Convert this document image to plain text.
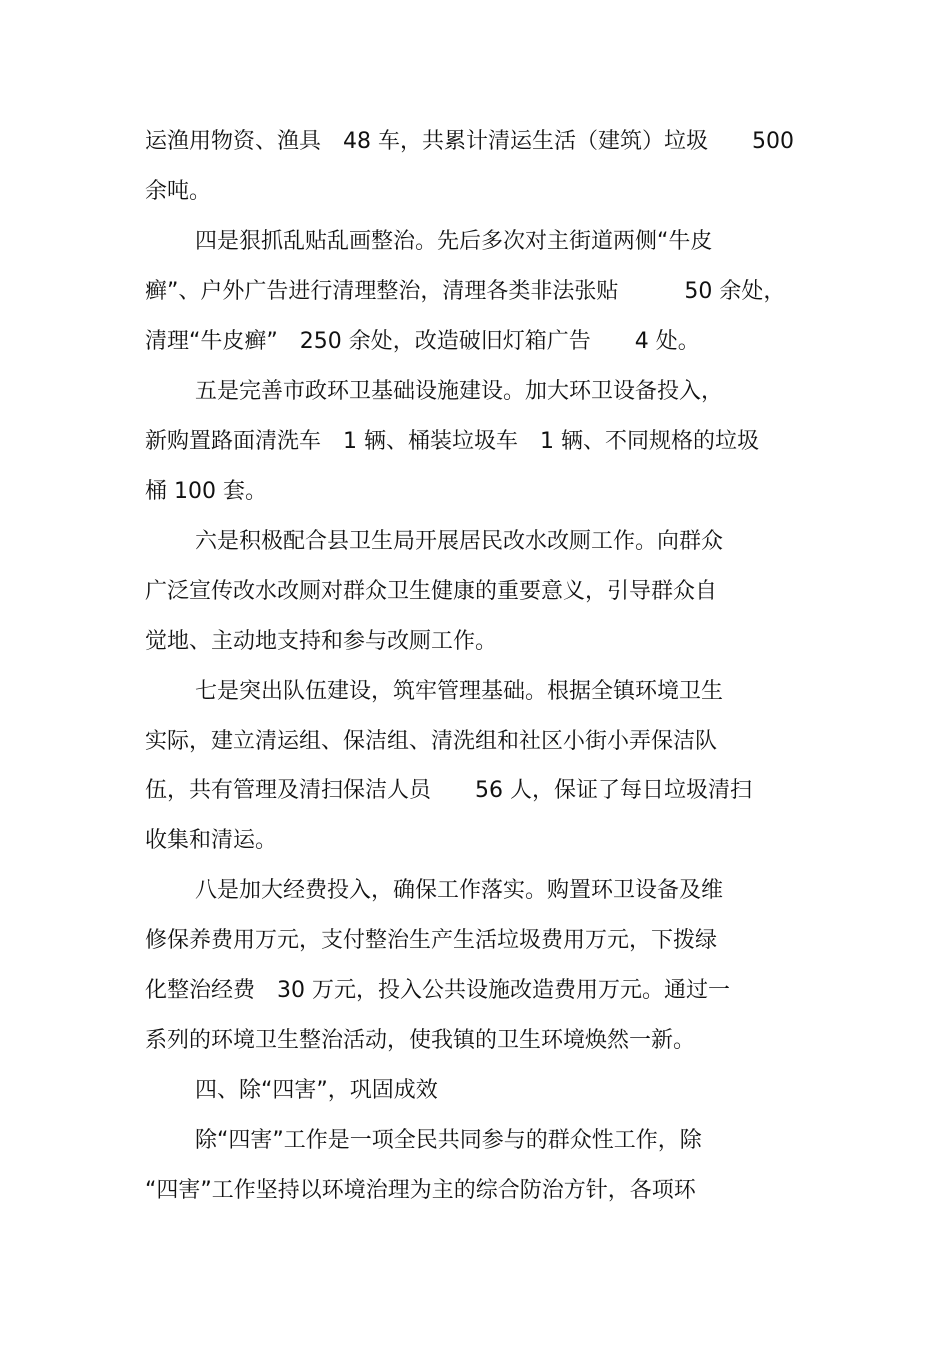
运渔用物资、渔具　48 车，共累计清运生活（建筑）垃圾　　500
余吨。
四是狠抓乱贴乱画整治。先后多次对主街道两侧“牛皮
癣”、户外广告进行清理整治，清理各类非法张贴　　　50 余处，
清理“牛皮癣”　250 余处，改造破旧灯箱广告　　4 处。
五是完善市政环卫基础设施建设。加大环卫设备投入，
新购置路面清洗车　1 辆、桶装垃圾车　1 辆、不同规格的垃圾
桶 100 套。
六是积极配合县卫生局开展居民改水改厕工作。向群众
广泛宣传改水改厕对群众卫生健康的重要意义，引导群众自
觉地、主动地支持和参与改厕工作。
七是突出队伍建设，筑牢管理基础。根据全镇环境卫生
实际，建立清运组、保洁组、清洗组和社区小街小弄保洁队
伍，共有管理及清扫保洁人员　　56 人，保证了每日垃圾清扫
收集和清运。
八是加大经费投入，确保工作落实。购置环卫设备及维
修保养费用万元，支付整治生产生活垃圾费用万元，下拨绿
化整治经费　30 万元，投入公共设施改造费用万元。通过一
系列的环境卫生整治活动，使我镇的卫生环境焕然一新。
四、除“四害”，巩固成效
除“四害”工作是一项全民共同参与的群众性工作，除
“四害”工作坚持以环境治理为主的综合防治方针，各项环
